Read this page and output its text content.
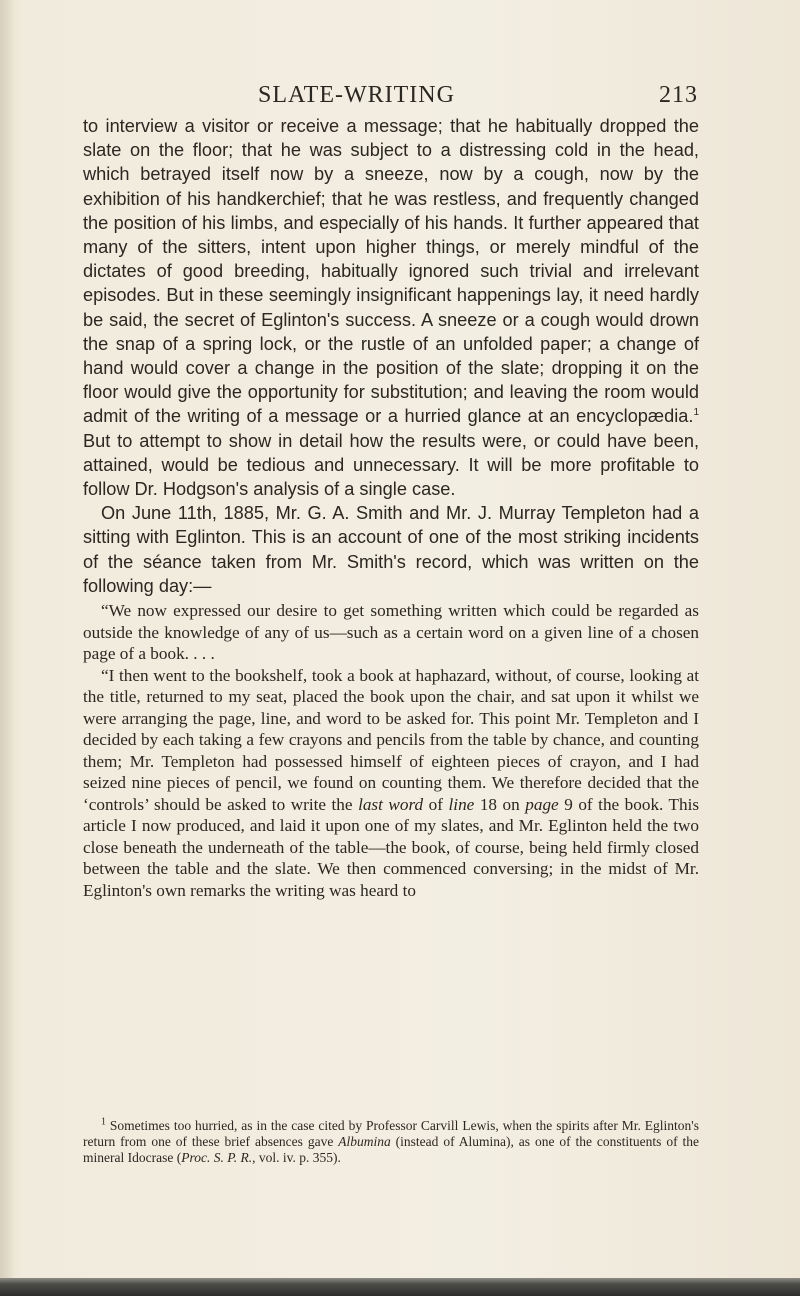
SLATE-WRITING	213

to interview a visitor or receive a message; that he habitually dropped the slate on the floor; that he was subject to a distressing cold in the head, which betrayed itself now by a sneeze, now by a cough, now by the exhibition of his handkerchief; that he was restless, and frequently changed the position of his limbs, and especially of his hands. It further appeared that many of the sitters, intent upon higher things, or merely mindful of the dictates of good breeding, habitually ignored such trivial and irrelevant episodes. But in these seemingly insignificant happenings lay, it need hardly be said, the secret of Eglinton's success. A sneeze or a cough would drown the snap of a spring lock, or the rustle of an unfolded paper; a change of hand would cover a change in the position of the slate; dropping it on the floor would give the opportunity for substitution; and leaving the room would admit of the writing of a message or a hurried glance at an encyclopædia.$^1$ But to attempt to show in detail how the results were, or could have been, attained, would be tedious and unnecessary. It will be more profitable to follow Dr. Hodgson's analysis of a single case.

On June 11th, 1885, Mr. G. A. Smith and Mr. J. Murray Templeton had a sitting with Eglinton. This is an account of one of the most striking incidents of the séance taken from Mr. Smith's record, which was written on the following day:—

“We now expressed our desire to get something written which could be regarded as outside the knowledge of any of us—such as a certain word on a given line of a chosen page of a book. . . .

“I then went to the bookshelf, took a book at haphazard, without, of course, looking at the title, returned to my seat, placed the book upon the chair, and sat upon it whilst we were arranging the page, line, and word to be asked for. This point Mr. Templeton and I decided by each taking a few crayons and pencils from the table by chance, and counting them; Mr. Templeton had possessed himself of eighteen pieces of crayon, and I had seized nine pieces of pencil, we found on counting them. We therefore decided that the ‘controls’ should be asked to write the last word of line 18 on page 9 of the book. This article I now produced, and laid it upon one of my slates, and Mr. Eglinton held the two close beneath the underneath of the table—the book, of course, being held firmly closed between the table and the slate. We then commenced conversing; in the midst of Mr. Eglinton's own remarks the writing was heard to

$^1$ Sometimes too hurried, as in the case cited by Professor Carvill Lewis, when the spirits after Mr. Eglinton's return from one of these brief absences gave Albumina (instead of Alumina), as one of the constituents of the mineral Idocrase (Proc. S. P. R., vol. iv. p. 355).
